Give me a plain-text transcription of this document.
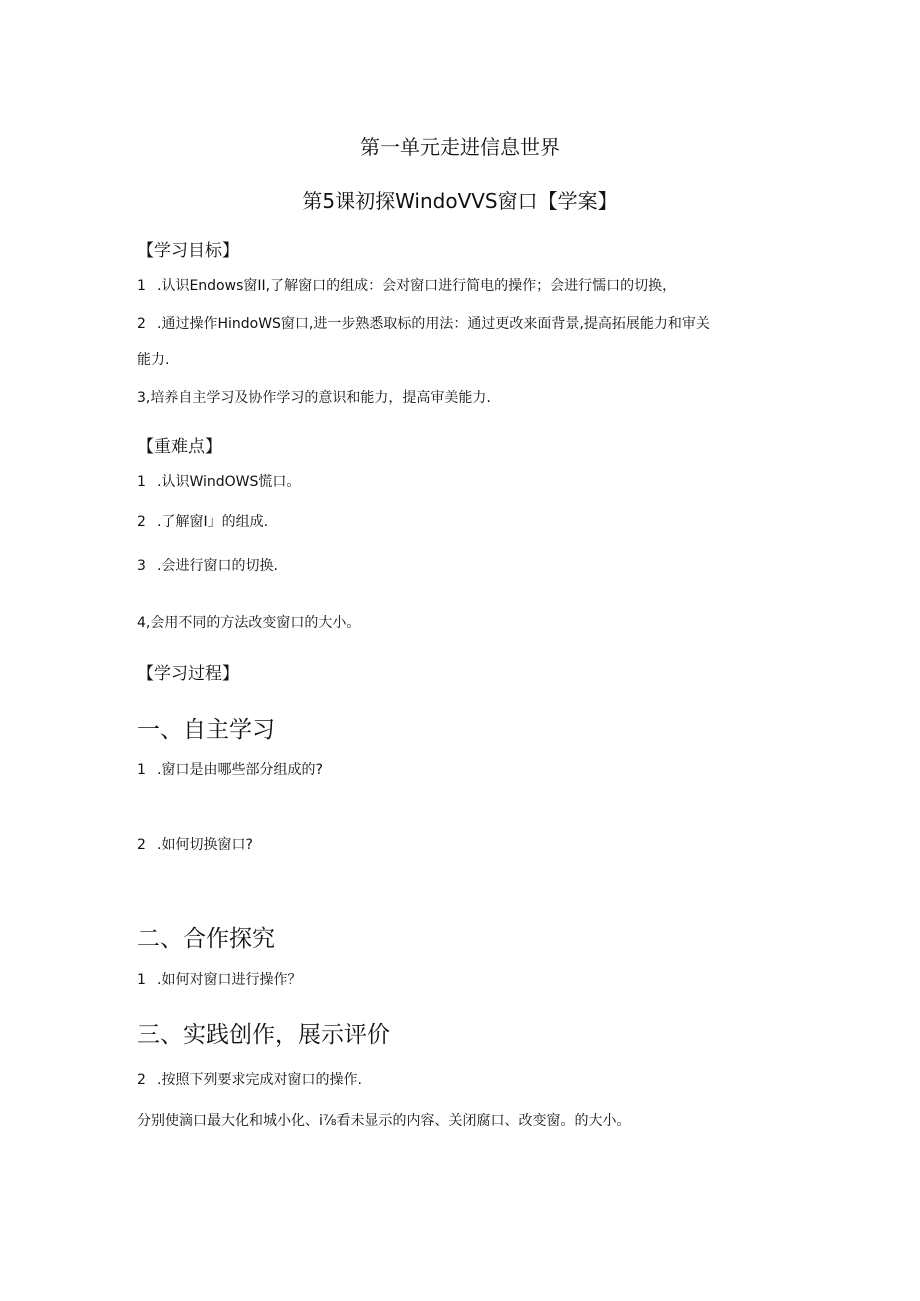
第一单元走进信息世界
第5课初探WindoVVS窗口【学案】
【学习目标】
1 .认识Endows窗II,了解窗口的组成：会对窗口进行简电的操作；会进行懦口的切换，
2 .通过操作HindoWS窗口,进一步熟悉取标的用法：通过更改来面背景,提高拓展能力和审关
能力.
3,培养自主学习及协作学习的意识和能力，提高审美能力.
【重难点】
1 .认识WindOWS慌口。
2 .了解窗I」的组成.
3 .会进行窗口的切换.
4,会用不同的方法改变窗口的大小。
【学习过程】
一、自主学习
1 .窗口是由哪些部分组成的?
2 .如何切换窗口?
二、合作探究
1 .如何对窗口进行操作？
三、实践创作，展示评价
2 .按照下列要求完成对窗口的操作.
分别使滴口最大化和城小化、i⅞看未显示的内容、关闭腐口、改变窗。的大小。
